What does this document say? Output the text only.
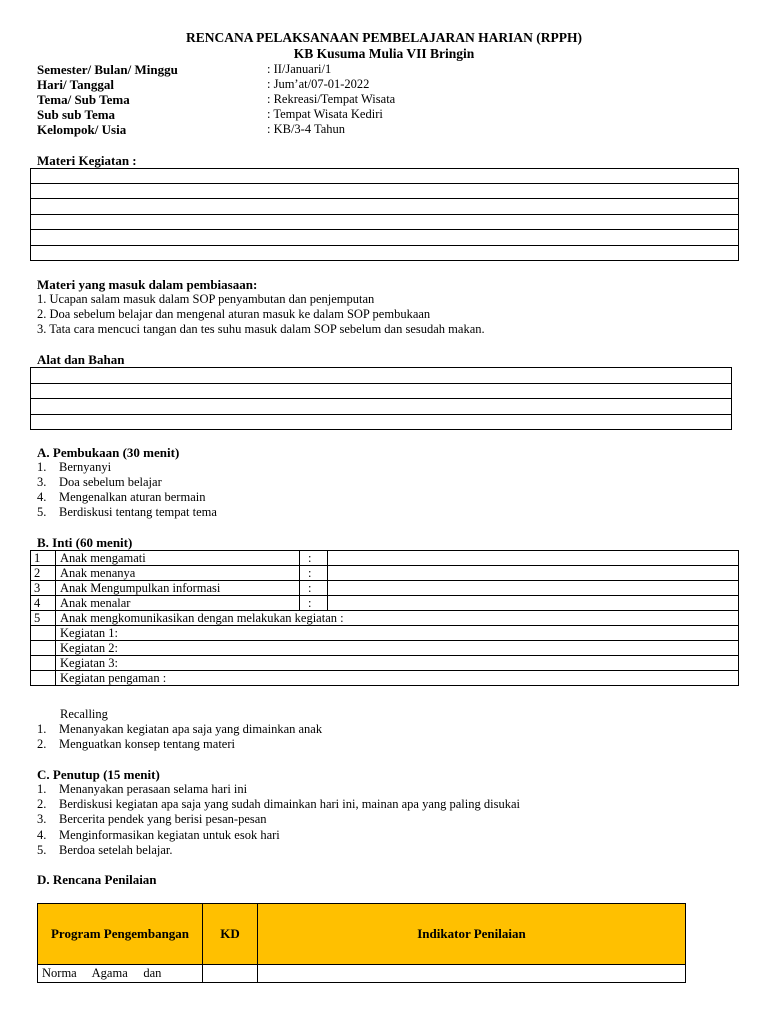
RENCANA PELAKSANAAN PEMBELAJARAN HARIAN (RPPH)
KB Kusuma Mulia VII Bringin
Semester/ Bulan/ Minggu	: II/Januari/1
Hari/ Tanggal	: Jum’at/07-01-2022
Tema/ Sub Tema	: Rekreasi/Tempat Wisata
Sub sub Tema	: Tempat Wisata Kediri
Kelompok/ Usia	: KB/3-4 Tahun
Materi Kegiatan :
Materi yang masuk dalam pembiasaan:
1. Ucapan salam masuk dalam SOP penyambutan dan penjemputan
2. Doa sebelum belajar dan mengenal aturan masuk ke dalam SOP pembukaan
3. Tata cara mencuci tangan dan tes suhu masuk dalam SOP sebelum dan sesudah makan.
Alat dan Bahan
A. Pembukaan (30 menit)
1. Bernyanyi
3. Doa sebelum belajar
4. Mengenalkan aturan bermain
5. Berdiskusi tentang tempat tema
B. Inti (60 menit)
1	Anak mengamati	:	
2	Anak menanya	:	
3	Anak Mengumpulkan informasi	:	
4	Anak menalar	:	
5	Anak mengkomunikasikan dengan melakukan kegiatan :		
	Kegiatan 1:		
	Kegiatan 2:		
	Kegiatan 3:		
	Kegiatan pengaman :		
Recalling
1. Menanyakan kegiatan apa saja yang dimainkan anak
2. Menguatkan konsep tentang materi
C. Penutup (15 menit)
1. Menanyakan perasaan selama hari ini
2. Berdiskusi kegiatan apa saja yang sudah dimainkan hari ini, mainan apa yang paling disukai
3. Bercerita pendek yang berisi pesan-pesan
4. Menginformasikan kegiatan untuk esok hari
5. Berdoa setelah belajar.
D. Rencana Penilaian
Program Pengembangan	KD	Indikator Penilaian
Norma     Agama     dan		
